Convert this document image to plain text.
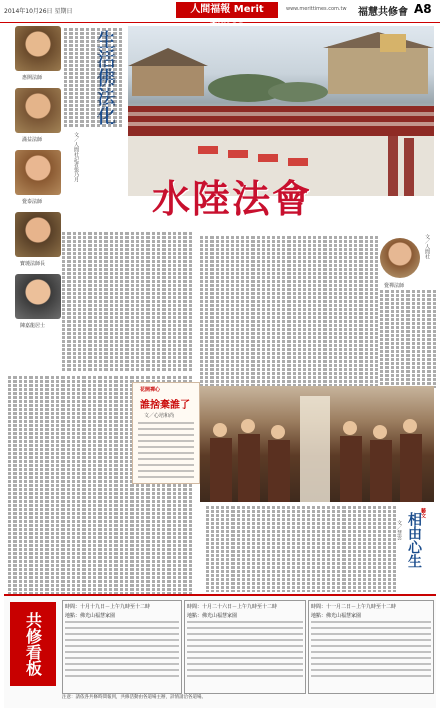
2014年10月26日 星期日	人間福報 Merit	www.merittimes.com.tw 福慧共修會 A8
惠開法師
滿益法師
覺泰法師
寶璉法師長
陳嘉龍居士
文／人間社記者張乃月
水陸法會
文／人間社
覺禪法師
花開禪心
誰捨棄誰了
文／心培和尚
藝文
相由心生
文／慧雲
共修看板
時間：十月十九日－上午九時至十二時
地點：佛光山福慧家園
時間：十月二十六日－上午九時至十二時
地點：佛光山福慧家園
時間：十一月二日－上午九時至十二時
地點：佛光山福慧家園
注意：請依各共修時間報到，共修活動由各道場主辦，詳情請洽各道場。
